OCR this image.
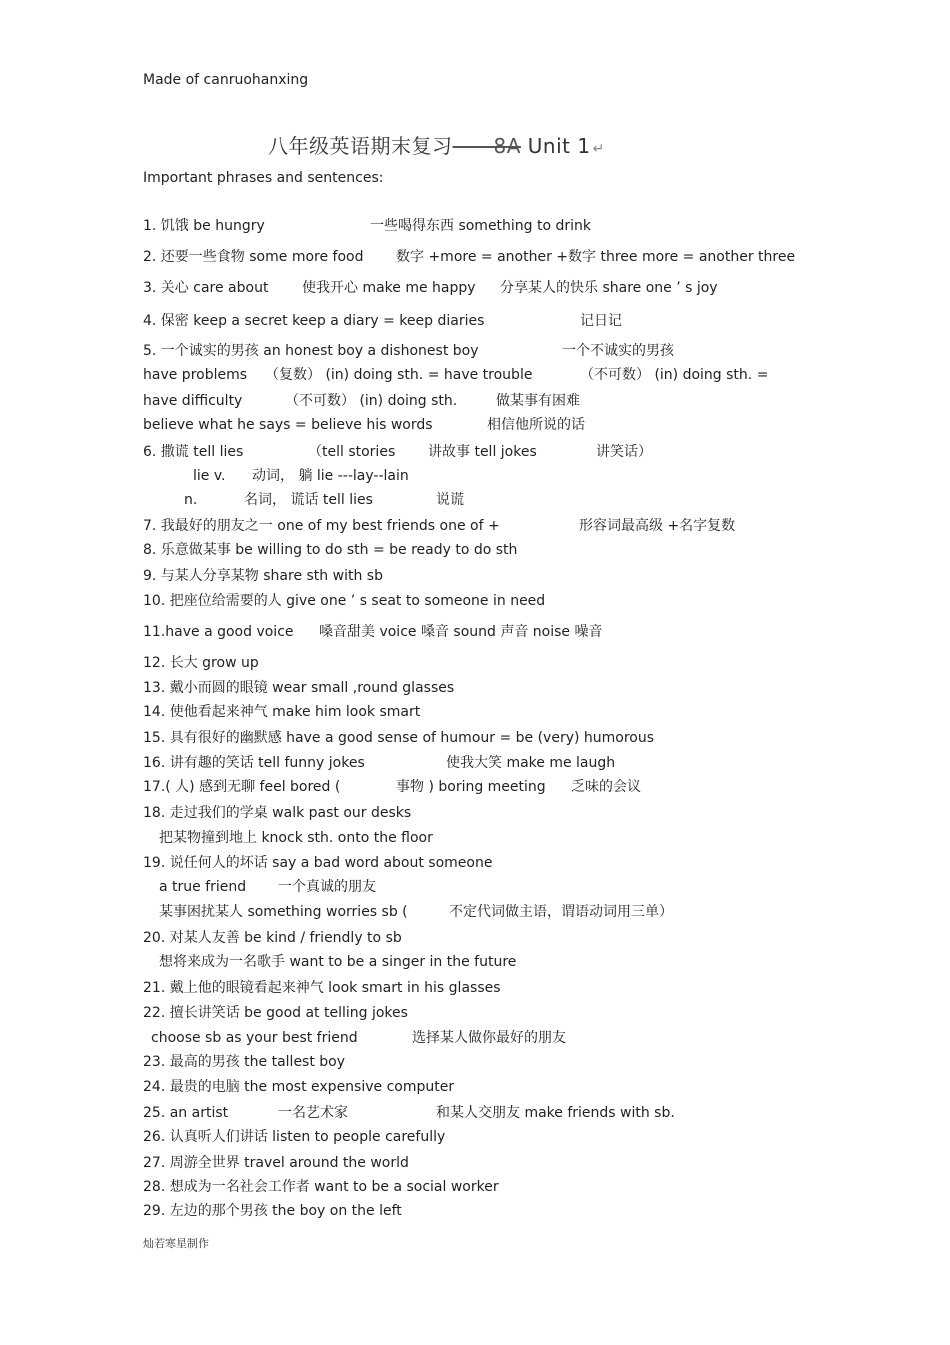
Made of canruohanxing
八年级英语期末复习——8A Unit 1 ↵
Important phrases and sentences:
1. 饥饿 be hungry	一些喝得东西 something to drink
2. 还要一些食物 some more food 数字 +more = another +数字 three more = another three
3. 关心 care about 使我开心 make me happy 分享某人的快乐 share one ’ s joy
4. 保密 keep a secret keep a diary = keep diaries	记日记
5. 一个诚实的男孩 an honest boy a dishonest boy	一个不诚实的男孩
have problems （复数） (in) doing sth. = have trouble	（不可数） (in) doing sth. =
have difficulty	（不可数） (in) doing sth.	做某事有困难
believe what he says = believe his words	相信他所说的话
6. 撒谎 tell lies	（tell stories 讲故事 tell jokes	讲笑话）
lie v. 动词， 躺 lie ---lay--lain
n.	名词， 谎话 tell lies	说谎
7. 我最好的朋友之一 one of my best friends one of +	形容词最高级 +名字复数
8. 乐意做某事 be willing to do sth = be ready to do sth
9. 与某人分享某物 share sth with sb
10. 把座位给需要的人 give one ’ s seat to someone in need
11.have a good voice 嗓音甜美 voice 嗓音 sound 声音 noise 噪音
12. 长大 grow up
13. 戴小而圆的眼镜 wear small ,round glasses
14. 使他看起来神气 make him look smart
15. 具有很好的幽默感 have a good sense of humour = be (very) humorous
16. 讲有趣的笑话 tell funny jokes	使我大笑 make me laugh
17.( 人) 感到无聊 feel bored (	事物 ) boring meeting 乏味的会议
18. 走过我们的学桌 walk past our desks
把某物撞到地上 knock sth. onto the floor
19. 说任何人的坏话 say a bad word about someone
a true friend 一个真诚的朋友
某事困扰某人 something worries sb (	不定代词做主语，谓语动词用三单）
20. 对某人友善 be kind / friendly to sb
想将来成为一名歌手 want to be a singer in the future
21. 戴上他的眼镜看起来神气 look smart in his glasses
22. 擅长讲笑话 be good at telling jokes
choose sb as your best friend	选择某人做你最好的朋友
23. 最高的男孩 the tallest boy
24. 最贵的电脑 the most expensive computer
25. an artist	一名艺术家	和某人交朋友 make friends with sb.
26. 认真听人们讲话 listen to people carefully
27. 周游全世界 travel around the world
28. 想成为一名社会工作者 want to be a social worker
29. 左边的那个男孩 the boy on the left
灿若寒星制作
